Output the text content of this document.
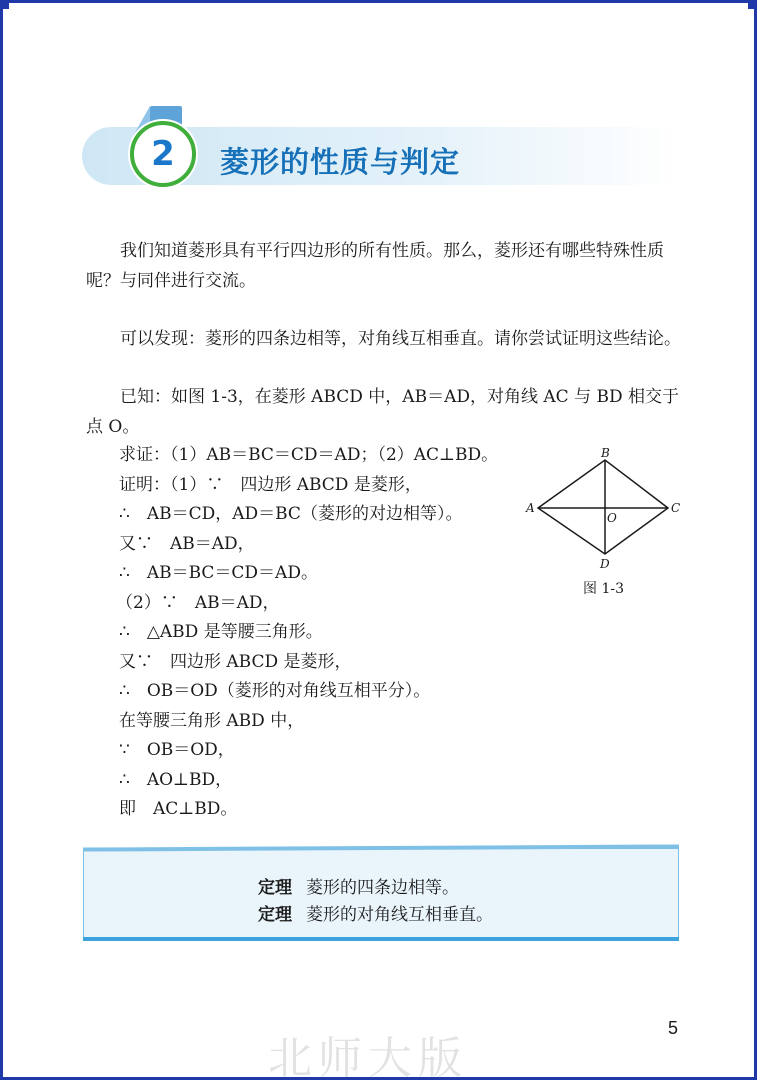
2 菱形的性质与判定

我们知道菱形具有平行四边形的所有性质。那么，菱形还有哪些特殊性质呢？与同伴进行交流。

可以发现：菱形的四条边相等，对角线互相垂直。请你尝试证明这些结论。

已知：如图 1-3，在菱形 ABCD 中，AB＝AD，对角线 AC 与 BD 相交于点 O。

求证：（1）AB＝BC＝CD＝AD；（2）AC⊥BD。
证明：（1）∵　四边形 ABCD 是菱形，
∴　AB＝CD，AD＝BC（菱形的对边相等）。
又∵　AB＝AD，
∴　AB＝BC＝CD＝AD。
（2）∵　AB＝AD，
∴　△ABD 是等腰三角形。
又∵　四边形 ABCD 是菱形，
∴　OB＝OD（菱形的对角线互相平分）。
在等腰三角形 ABD 中，
∵　OB＝OD，
∴　AO⊥BD，
即　AC⊥BD。
A
B
C
D
O
图 1-3
定理 菱形的四条边相等。
定理 菱形的对角线互相垂直。
5
北师大版
